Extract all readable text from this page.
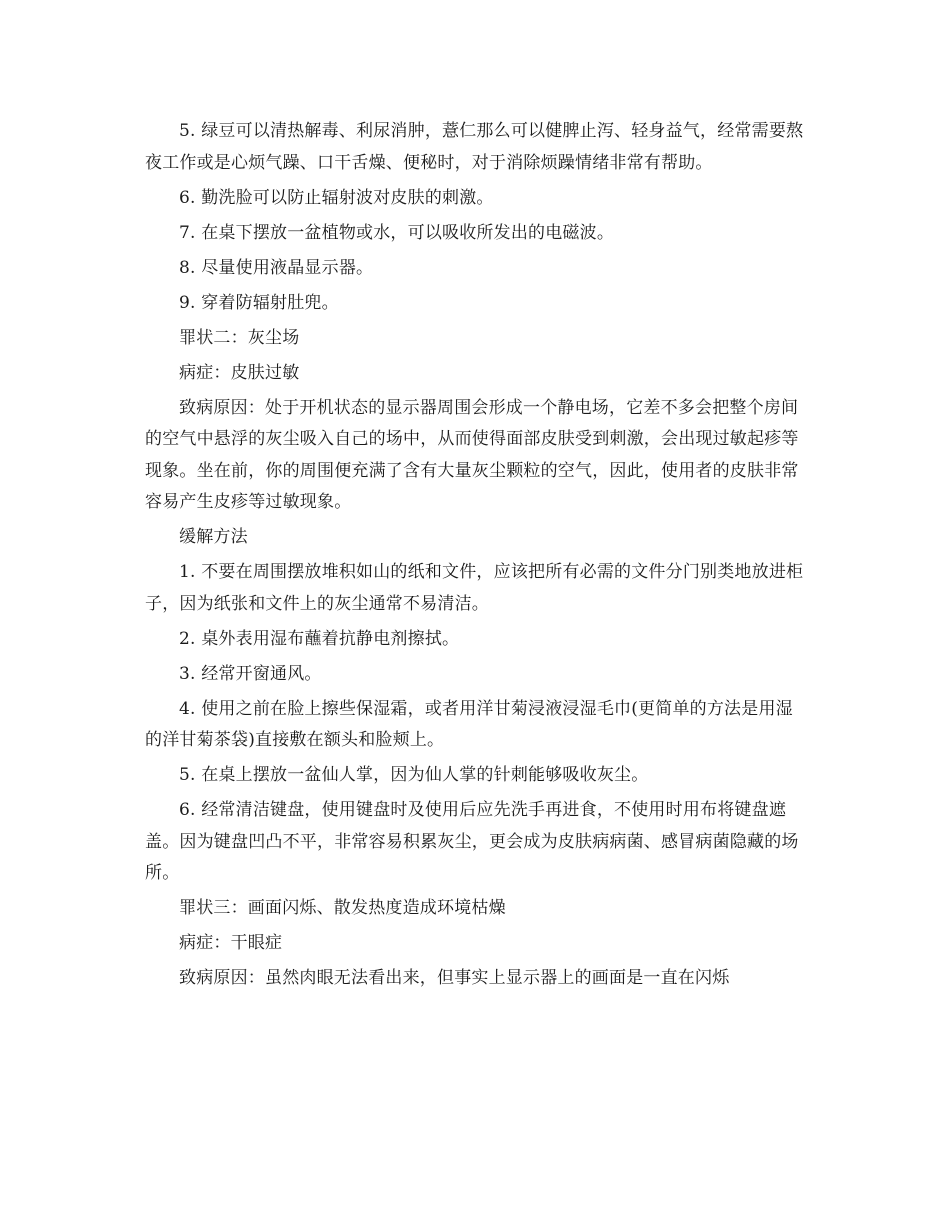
5. 绿豆可以清热解毒、利尿消肿，薏仁那么可以健脾止泻、轻身益气，经常需要熬夜工作或是心烦气躁、口干舌燥、便秘时，对于消除烦躁情绪非常有帮助。

6. 勤洗脸可以防止辐射波对皮肤的刺激。

7. 在桌下摆放一盆植物或水，可以吸收所发出的电磁波。

8. 尽量使用液晶显示器。

9. 穿着防辐射肚兜。

罪状二：灰尘场

病症：皮肤过敏

致病原因：处于开机状态的显示器周围会形成一个静电场，它差不多会把整个房间的空气中悬浮的灰尘吸入自己的场中，从而使得面部皮肤受到刺激，会出现过敏起疹等现象。坐在前，你的周围便充满了含有大量灰尘颗粒的空气，因此，使用者的皮肤非常容易产生皮疹等过敏现象。

缓解方法

1. 不要在周围摆放堆积如山的纸和文件，应该把所有必需的文件分门别类地放进柜子，因为纸张和文件上的灰尘通常不易清洁。

2. 桌外表用湿布蘸着抗静电剂擦拭。

3. 经常开窗通风。

4. 使用之前在脸上擦些保湿霜，或者用洋甘菊浸液浸湿毛巾(更简单的方法是用湿的洋甘菊茶袋)直接敷在额头和脸颊上。

5. 在桌上摆放一盆仙人掌，因为仙人掌的针刺能够吸收灰尘。

6. 经常清洁键盘，使用键盘时及使用后应先洗手再进食，不使用时用布将键盘遮盖。因为键盘凹凸不平，非常容易积累灰尘，更会成为皮肤病病菌、感冒病菌隐藏的场所。

罪状三：画面闪烁、散发热度造成环境枯燥

病症：干眼症

致病原因：虽然肉眼无法看出来，但事实上显示器上的画面是一直在闪烁
